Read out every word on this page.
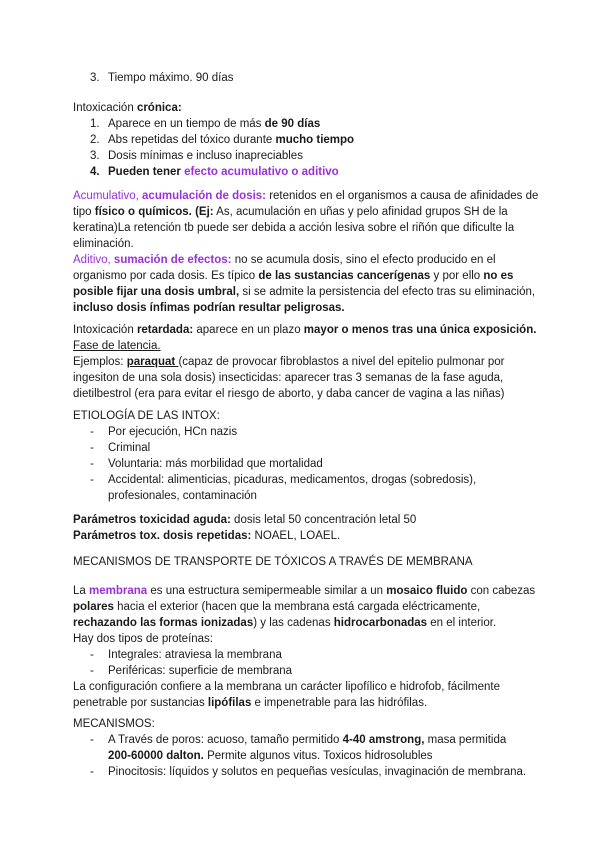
3. Tiempo máximo. 90 días
Intoxicación crónica:
1. Aparece en un tiempo de más de 90 días
2. Abs repetidas del tóxico durante mucho tiempo
3. Dosis mínimas e incluso inapreciables
4. Pueden tener efecto acumulativo o aditivo

Acumulativo, acumulación de dosis: retenidos en el organismos a causa de afinidades de

tipo físico o químicos. (Ej: As, acumulación en uñas y pelo afinidad grupos SH de la

keratina)La retención tb puede ser debida a acción lesiva sobre el riñón que dificulte la

eliminación.

Aditivo, sumación de efectos: no se acumula dosis, sino el efecto producido en el

organismo por cada dosis. Es típico de las sustancias cancerígenas y por ello no es

posible fijar una dosis umbral, si se admite la persistencia del efecto tras su eliminación,

incluso dosis ínfimas podrían resultar peligrosas.

Intoxicación retardada: aparece en un plazo mayor o menos tras una única exposición.

Fase de latencia.

Ejemplos: paraquat (capaz de provocar fibroblastos a nivel del epitelio pulmonar por

ingesiton de una sola dosis) insecticidas: aparecer tras 3 semanas de la fase aguda,

dietilbestrol (era para evitar el riesgo de aborto, y daba cancer de vagina a las niñas)

ETIOLOGÍA DE LAS INTOX:
- Por ejecución, HCn nazis
- Criminal
- Voluntaria: más morbilidad que mortalidad
- Accidental: alimenticias, picaduras, medicamentos, drogas (sobredosis),
profesionales, contaminación

Parámetros toxicidad aguda: dosis letal 50 concentración letal 50

Parámetros tox. dosis repetidas: NOAEL, LOAEL.

MECANISMOS DE TRANSPORTE DE TÓXICOS A TRAVÉS DE MEMBRANA

La membrana es una estructura semipermeable similar a un mosaico fluido con cabezas

polares hacia el exterior (hacen que la membrana está cargada eléctricamente,

rechazando las formas ionizadas) y las cadenas hidrocarbonadas en el interior.

Hay dos tipos de proteínas:

- Integrales: atraviesa la membrana
- Periféricas: superficie de membrana

La configuración confiere a la membrana un carácter lipofílico e hidrofob, fácilmente

penetrable por sustancias lipófilas e impenetrable para las hidrófilas.

MECANISMOS:
- A Través de poros: acuoso, tamaño permitido 4-40 amstrong, masa permitida
200-60000 dalton. Permite algunos vitus. Toxicos hidrosolubles
- Pinocitosis: líquidos y solutos en pequeñas vesículas, invaginación de membrana.
